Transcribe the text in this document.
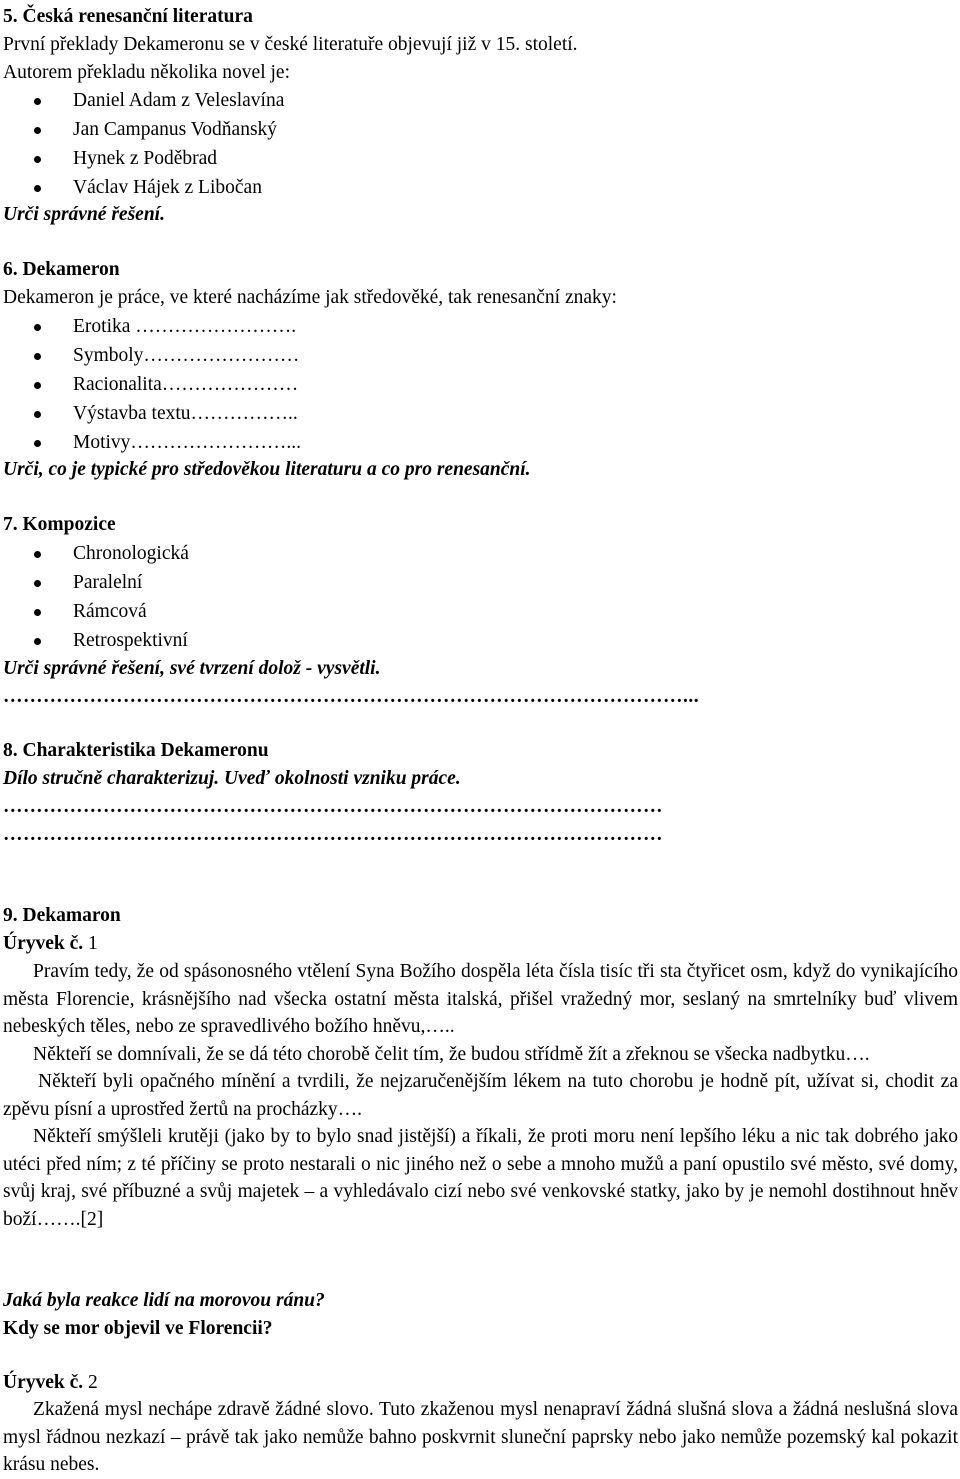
5. Česká renesanční literatura
První překlady Dekameronu se v české literatuře objevují již v 15. století.
Autorem překladu několika novel je:
Daniel Adam z Veleslavína
Jan Campanus Vodňanský
Hynek z Poděbrad
Václav Hájek z Libočan
Urči správné řešení.
6. Dekameron
Dekameron je práce, ve které nacházíme jak středověké, tak renesanční znaky:
Erotika …………………….
Symboly……………………
Racionalita…………………
Výstavba textu……………..
Motivy……………………...
Urči, co je typické pro středověkou literaturu a co pro renesanční.
7. Kompozice
Chronologická
Paralelní
Rámcová
Retrospektivní
Urči správné řešení, své tvrzení dolož - vysvětli.
…………………………………………………………………………………………...
8. Charakteristika Dekameronu
Dílo stručně charakterizuj. Uveď okolnosti vzniku práce.
………………………………………………………………………………………
………………………………………………………………………………………
9. Dekamaron
Úryvek č. 1

Pravím tedy, že od spásonosného vtělení Syna Božího dospěla léta čísla tisíc tři sta čtyřicet osm, když do vynikajícího města Florencie, krásnějšího nad všecka ostatní města italská, přišel vražedný mor, seslaný na smrtelníky buď vlivem nebeských těles, nebo ze spravedlivého božího hněvu,…..

Někteří se domnívali, že se dá této chorobě čelit tím, že budou střídmě žít a zřeknou se všecka nadbytku….

Někteří byli opačného mínění a tvrdili, že nejzaručenějším lékem na tuto chorobu je hodně pít, užívat si, chodit za zpěvu písní a uprostřed žertů na procházky….

Někteří smýšleli krutěji (jako by to bylo snad jistější) a říkali, že proti moru není lepšího léku a nic tak dobrého jako utéci před ním; z té příčiny se proto nestarali o nic jiného než o sebe a mnoho mužů a paní opustilo své město, své domy, svůj kraj, své příbuzné a svůj majetek – a vyhledávalo cizí nebo své venkovské statky, jako by je nemohl dostihnout hněv boží…….[2]

Jaká byla reakce lidí na morovou ránu?
Kdy se mor objevil ve Florencii?
Úryvek č. 2

Zkažená mysl nechápe zdravě žádné slovo. Tuto zkaženou mysl nenapraví žádná slušná slova a žádná neslušná slova mysl řádnou nezkazí – právě tak jako nemůže bahno poskvrnit sluneční paprsky nebo jako nemůže pozemský kal pokazit krásu nebes.
